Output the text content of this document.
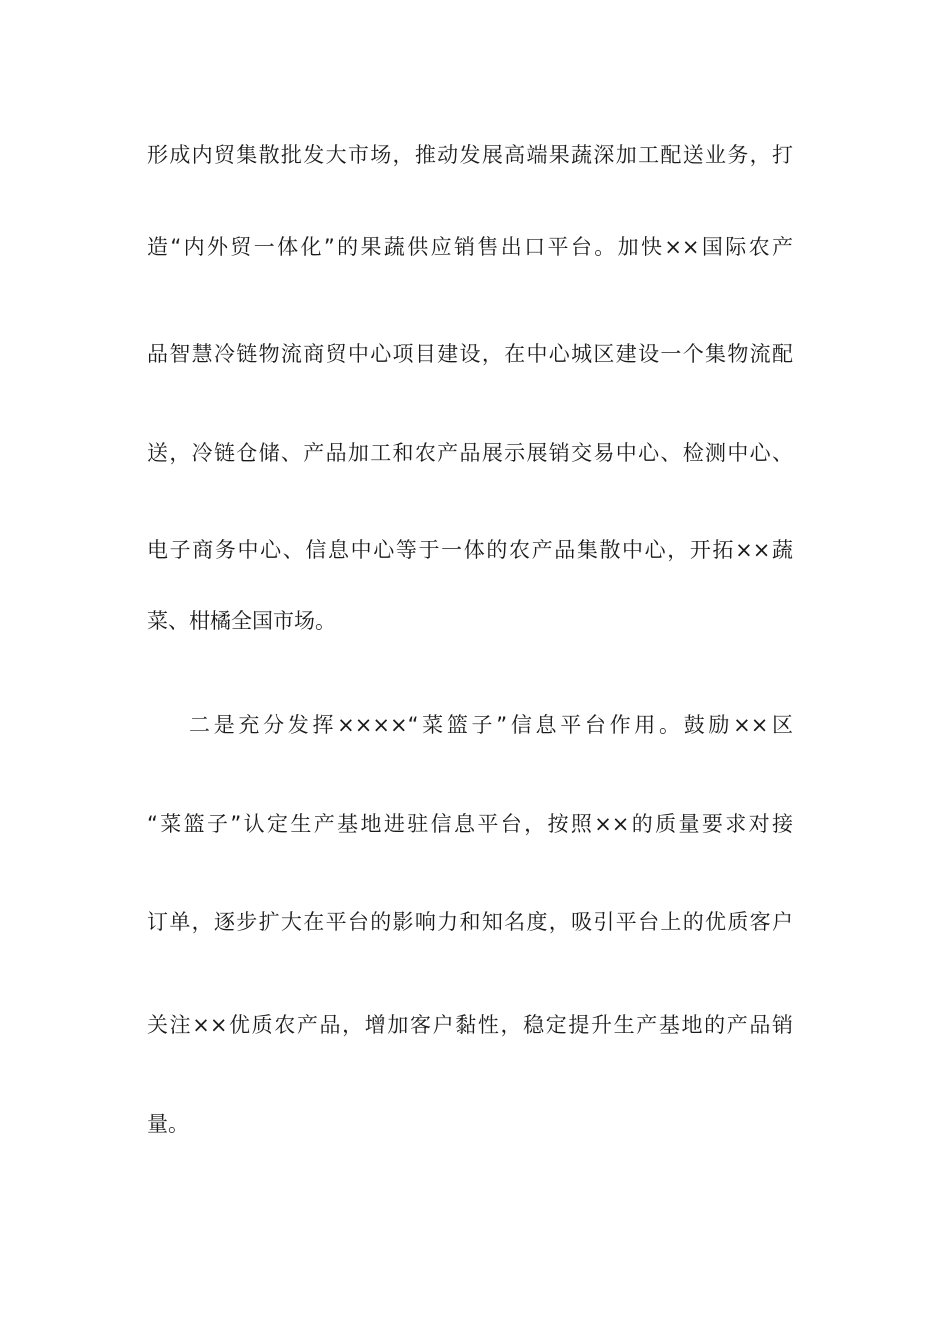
形成内贸集散批发大市场，推动发展高端果蔬深加工配送业务，打
造“内外贸一体化”的果蔬供应销售出口平台。加快××国际农产
品智慧冷链物流商贸中心项目建设，在中心城区建设一个集物流配
送，冷链仓储、产品加工和农产品展示展销交易中心、检测中心、
电子商务中心、信息中心等于一体的农产品集散中心，开拓××蔬
菜、柑橘全国市场。
二是充分发挥××××“菜篮子”信息平台作用。鼓励××区
“菜篮子”认定生产基地进驻信息平台，按照××的质量要求对接
订单，逐步扩大在平台的影响力和知名度，吸引平台上的优质客户
关注××优质农产品，增加客户黏性，稳定提升生产基地的产品销
量。
